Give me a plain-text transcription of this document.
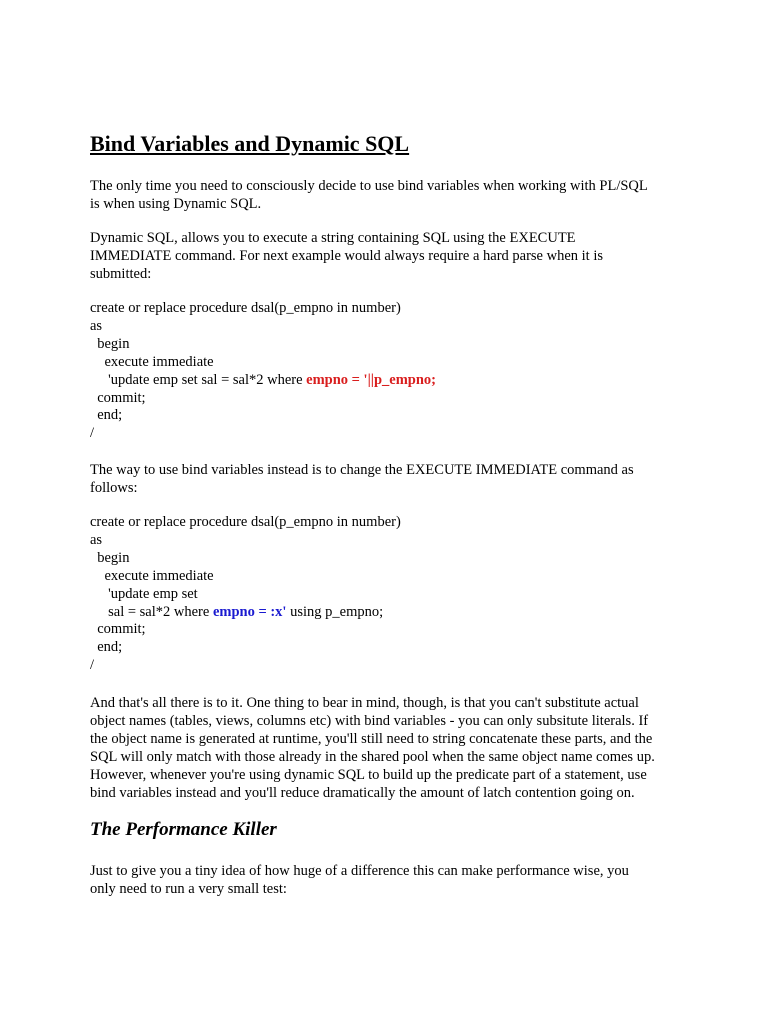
Bind Variables and Dynamic SQL

The only time you need to consciously decide to use bind variables when working with PL/SQL
is when using Dynamic SQL.

Dynamic SQL, allows you to execute a string containing SQL using the EXECUTE
IMMEDIATE command. For next example would always require a hard parse when it is
submitted:

create or replace procedure dsal(p_empno in number)
as
begin
execute immediate
'update emp set sal = sal*2 where empno = '||p_empno;
commit;
end;
/

The way to use bind variables instead is to change the EXECUTE IMMEDIATE command as
follows:

create or replace procedure dsal(p_empno in number)
as
begin
execute immediate
'update emp set
sal = sal*2 where empno = :x' using p_empno;
commit;
end;
/

And that's all there is to it. One thing to bear in mind, though, is that you can't substitute actual
object names (tables, views, columns etc) with bind variables - you can only subsitute literals. If
the object name is generated at runtime, you'll still need to string concatenate these parts, and the
SQL will only match with those already in the shared pool when the same object name comes up.
However, whenever you're using dynamic SQL to build up the predicate part of a statement, use
bind variables instead and you'll reduce dramatically the amount of latch contention going on.

The Performance Killer

Just to give you a tiny idea of how huge of a difference this can make performance wise, you
only need to run a very small test:
